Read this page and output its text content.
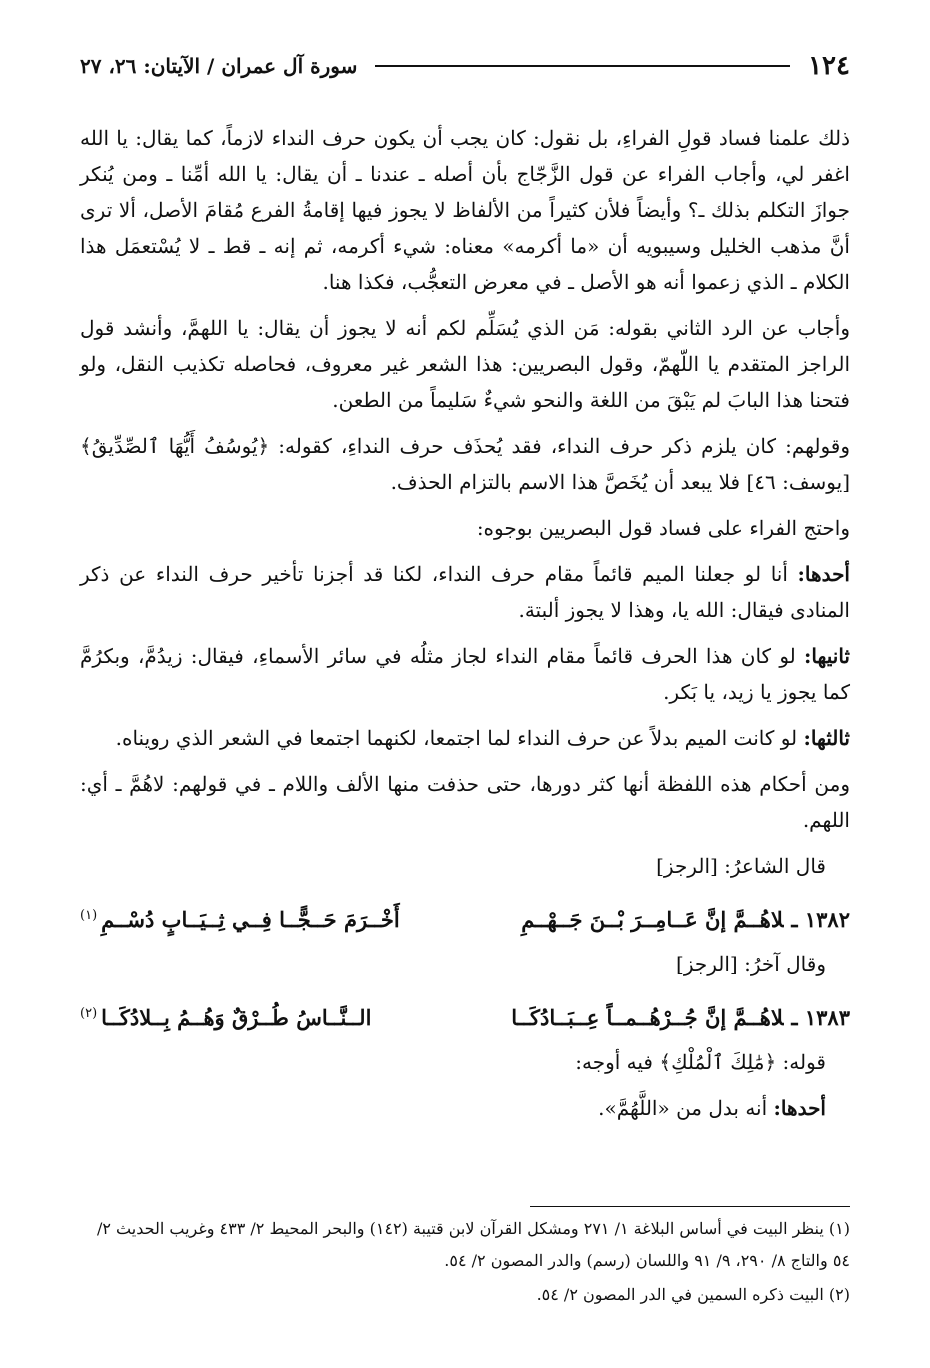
١٢٤
سورة آل عمران / الآيتان: ٢٦، ٢٧

ذلك علمنا فساد قولِ الفراءِ، بل نقول: كان يجب أن يكون حرف النداء لازماً، كما يقال: يا الله اغفر لي، وأجاب الفراء عن قول الزَّجّاج بأن أصله ـ عندنا ـ أن يقال: يا الله أمِّنا ـ ومن يُنكر جوازَ التكلم بذلك ـ؟ وأيضاً فلأن كثيراً من الألفاظ لا يجوز فيها إقامةُ الفرع مُقامَ الأصل، ألا ترى أنَّ مذهب الخليل وسيبويه أن «ما أكرمه» معناه: شيء أكرمه، ثم إنه ـ قط ـ لا يُسْتعمَل هذا الكلام ـ الذي زعموا أنه هو الأصل ـ في معرض التعجُّب، فكذا هنا.

وأجاب عن الرد الثاني بقوله: مَن الذي يُسَلِّم لكم أنه لا يجوز أن يقال: يا اللهمَّ، وأنشد قول الراجز المتقدم يا اللّهمّ، وقول البصريين: هذا الشعر غير معروف، فحاصله تكذيب النقل، ولو فتحنا هذا البابَ لم يَبْقَ من اللغة والنحو شيءٌ سَليماً من الطعن.

وقولهم: كان يلزم ذكر حرف النداء، فقد يُحذَف حرف النداءِ، كقوله: ﴿يُوسُفُ أَيُّهَا ٱلصِّدِّيقُ﴾ [يوسف: ٤٦] فلا يبعد أن يُخَصَّ هذا الاسم بالتزام الحذف.

واحتج الفراء على فساد قول البصريين بوجوه:

أحدها: أنا لو جعلنا الميم قائماً مقام حرف النداء، لكنا قد أجزنا تأخير حرف النداء عن ذكر المنادى فيقال: الله يا، وهذا لا يجوز ألبتة.

ثانيها: لو كان هذا الحرف قائماً مقام النداء لجاز مثلُه في سائر الأسماءِ، فيقال: زيدُمَّ، وبكرُمَّ كما يجوز يا زيد، يا بَكر.

ثالثها: لو كانت الميم بدلاً عن حرف النداء لما اجتمعا، لكنهما اجتمعا في الشعر الذي رويناه.

ومن أحكام هذه اللفظة أنها كثر دورها، حتى حذفت منها الألف واللام ـ في قولهم: لاهُمَّ ـ أي: اللهم.

قال الشاعرُ: [الرجز]

١٣٨٢ ـلاهُــمَّ إنَّ عَــامِــرَ بْــنَ جَــهْــمِ
أَخْــرَمَ حَــجًّــا فِــي ثِــيَــابٍ دُسْــمِ$^{(١)}$

وقال آخرُ: [الرجز]

١٣٨٣ ـلاهُــمَّ إنَّ جُــرْهُــمــاً عِــبَــادُكَــا
الــنَّــاسُ طُــرْقٌ وَهُــمُ بِــلادُكَــا$^{(٢)}$

قوله: ﴿مَٰلِكَ ٱلْمُلْكِ﴾ فيه أوجه:

أحدها: أنه بدل من «اللَّهُمَّ».

(١) ينظر البيت في أساس البلاغة ١/ ٢٧١ ومشكل القرآن لابن قتيبة (١٤٢) والبحر المحيط ٢/ ٤٣٣ وغريب الحديث ٢/ ٥٤ والتاج ٨/ ٢٩٠، ٩/ ٩١ واللسان (رسم) والدر المصون ٢/ ٥٤.

(٢) البيت ذكره السمين في الدر المصون ٢/ ٥٤.
